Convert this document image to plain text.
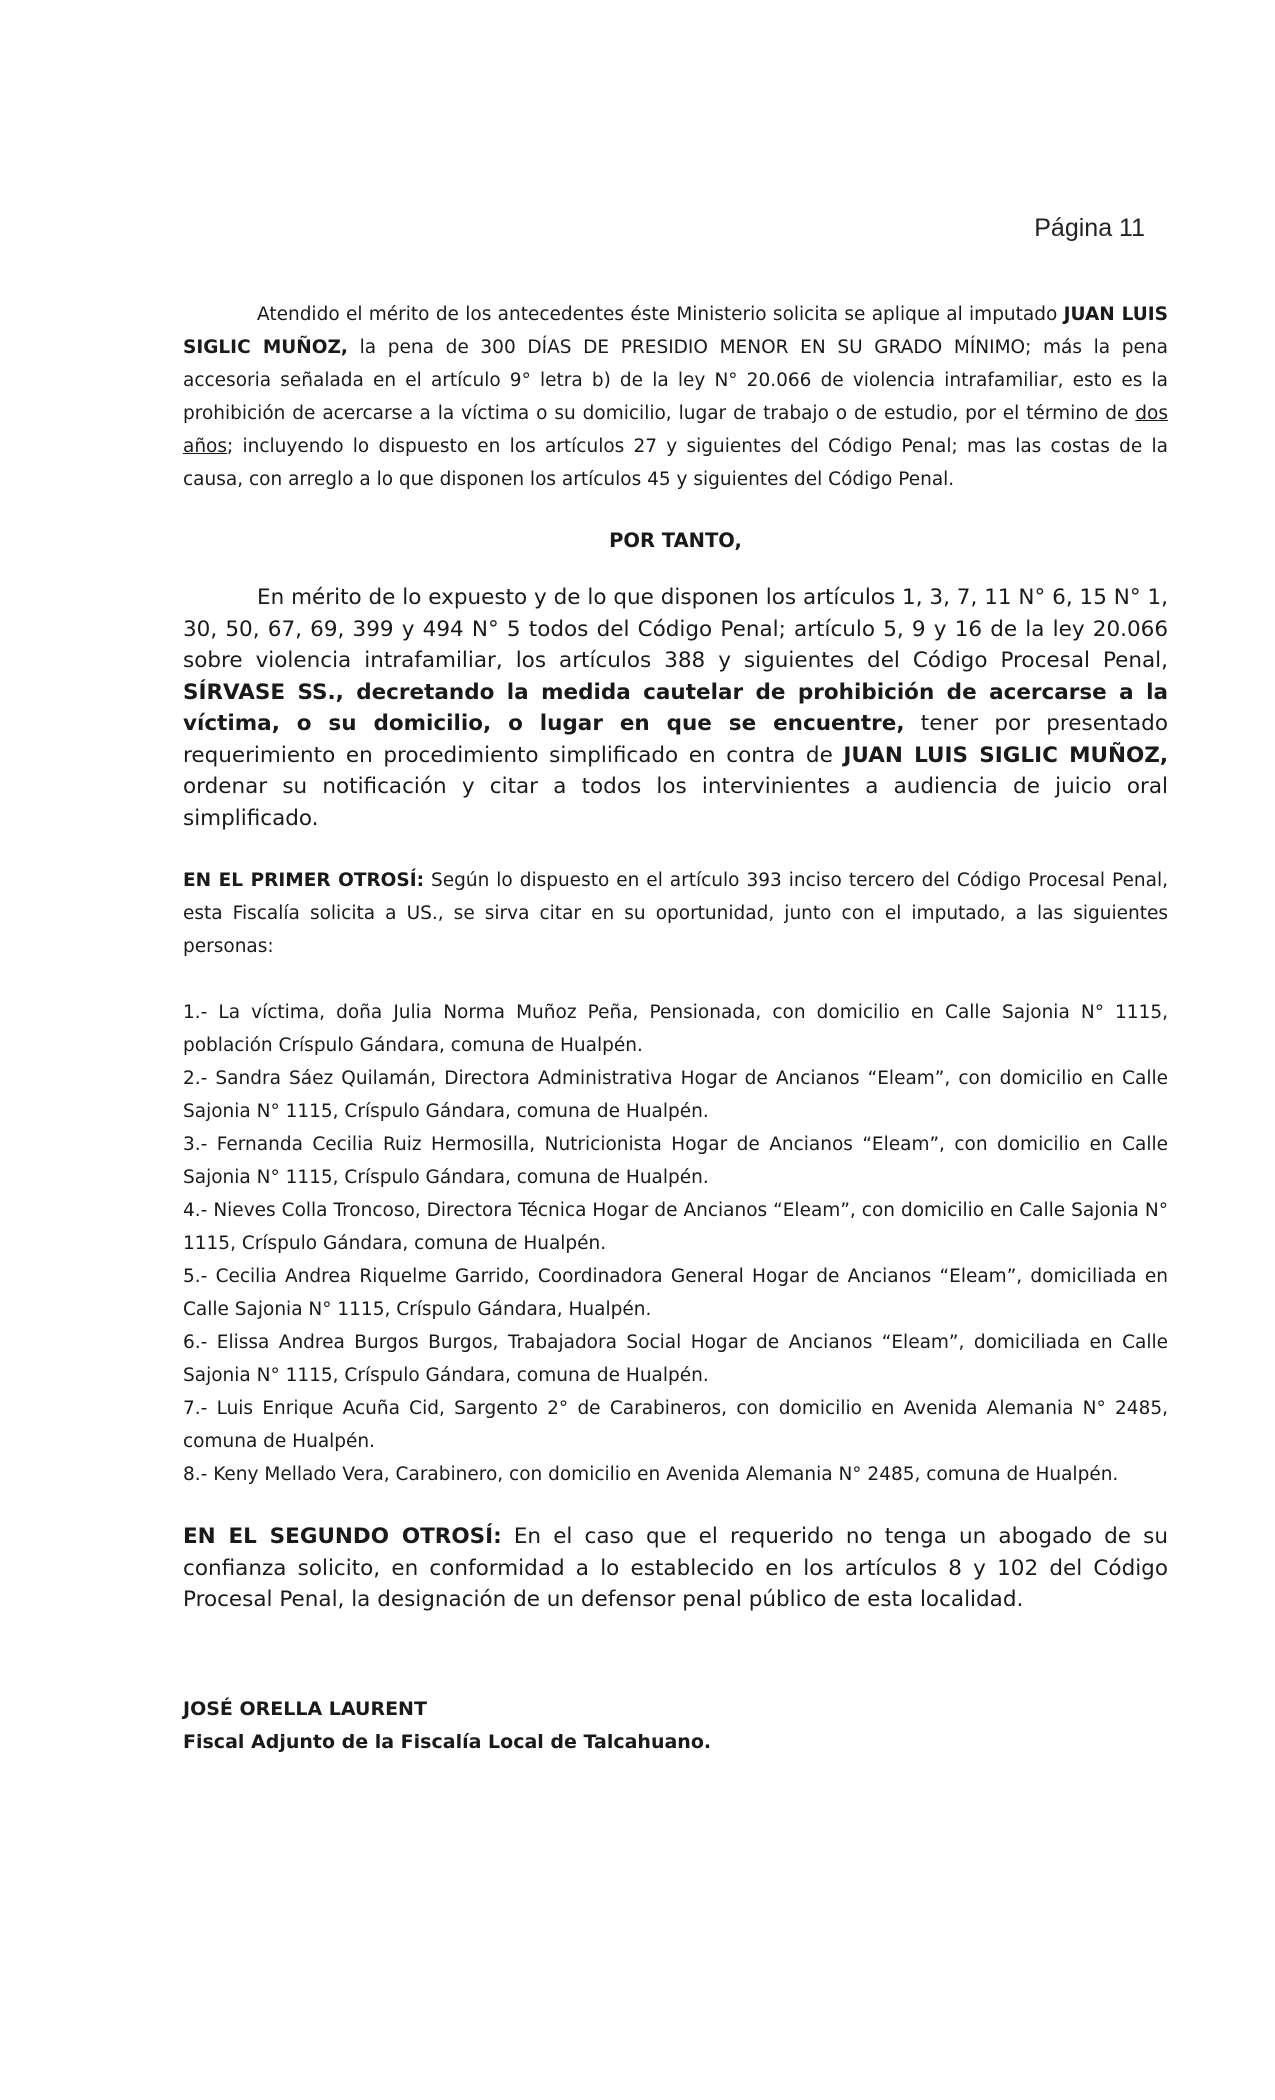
Página 11

Atendido el mérito de los antecedentes éste Ministerio solicita se aplique al imputado JUAN LUIS SIGLIC MUÑOZ, la pena de 300 DÍAS DE PRESIDIO MENOR EN SU GRADO MÍNIMO; más la pena accesoria señalada en el artículo 9° letra b) de la ley N° 20.066 de violencia intrafamiliar, esto es la prohibición de acercarse a la víctima o su domicilio, lugar de trabajo o de estudio, por el término de dos años; incluyendo lo dispuesto en los artículos 27 y siguientes del Código Penal; mas las costas de la causa, con arreglo a lo que disponen los artículos 45 y siguientes del Código Penal.

POR TANTO,

En mérito de lo expuesto y de lo que disponen los artículos 1, 3, 7, 11 N° 6, 15 N° 1, 30, 50, 67, 69, 399 y 494 N° 5 todos del Código Penal; artículo 5, 9 y 16 de la ley 20.066 sobre violencia intrafamiliar, los artículos 388 y siguientes del Código Procesal Penal, SÍRVASE SS., decretando la medida cautelar de prohibición de acercarse a la víctima, o su domicilio, o lugar en que se encuentre, tener por presentado requerimiento en procedimiento simplificado en contra de JUAN LUIS SIGLIC MUÑOZ, ordenar su notificación y citar a todos los intervinientes a audiencia de juicio oral simplificado.

EN EL PRIMER OTROSÍ: Según lo dispuesto en el artículo 393 inciso tercero del Código Procesal Penal, esta Fiscalía solicita a US., se sirva citar en su oportunidad, junto con el imputado, a las siguientes personas:

1.- La víctima, doña Julia Norma Muñoz Peña, Pensionada, con domicilio en Calle Sajonia N° 1115, población Críspulo Gándara, comuna de Hualpén.
2.- Sandra Sáez Quilamán, Directora Administrativa Hogar de Ancianos “Eleam”, con domicilio en Calle Sajonia N° 1115, Críspulo Gándara, comuna de Hualpén.
3.- Fernanda Cecilia Ruiz Hermosilla, Nutricionista Hogar de Ancianos “Eleam”, con domicilio en Calle Sajonia N° 1115, Críspulo Gándara, comuna de Hualpén.
4.- Nieves Colla Troncoso, Directora Técnica Hogar de Ancianos “Eleam”, con domicilio en Calle Sajonia N° 1115, Críspulo Gándara, comuna de Hualpén.
5.- Cecilia Andrea Riquelme Garrido, Coordinadora General Hogar de Ancianos “Eleam”, domiciliada en Calle Sajonia N° 1115, Críspulo Gándara, Hualpén.
6.- Elissa Andrea Burgos Burgos, Trabajadora Social Hogar de Ancianos “Eleam”, domiciliada en Calle Sajonia N° 1115, Críspulo Gándara, comuna de Hualpén.
7.- Luis Enrique Acuña Cid, Sargento 2° de Carabineros, con domicilio en Avenida Alemania N° 2485, comuna de Hualpén.
8.- Keny Mellado Vera, Carabinero, con domicilio en Avenida Alemania N° 2485, comuna de Hualpén.

EN EL SEGUNDO OTROSÍ: En el caso que el requerido no tenga un abogado de su confianza solicito, en conformidad a lo establecido en los artículos 8 y 102 del Código Procesal Penal, la designación de un defensor penal público de esta localidad.

JOSÉ ORELLA LAURENT
Fiscal Adjunto de la Fiscalía Local de Talcahuano.
